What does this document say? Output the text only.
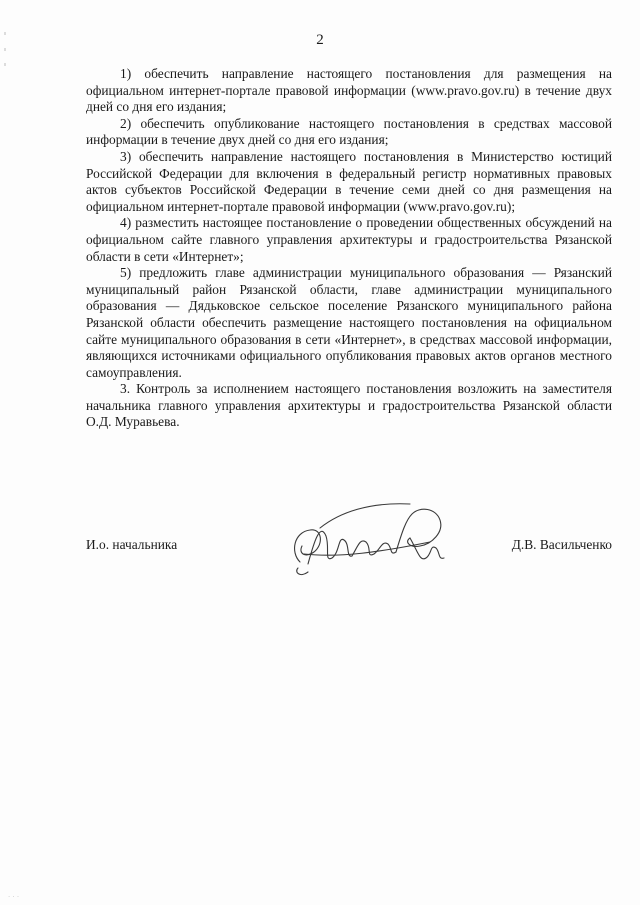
2

1) обеспечить направление настоящего постановления для размещения на официальном интернет-портале правовой информации (www.pravo.gov.ru) в течение двух дней со дня его издания;

2) обеспечить опубликование настоящего постановления в средствах массовой информации в течение двух дней со дня его издания;

3) обеспечить направление настоящего постановления в Министерство юстиций Российской Федерации для включения в федеральный регистр нормативных правовых актов субъектов Российской Федерации в течение семи дней со дня размещения на официальном интернет-портале правовой информации (www.pravo.gov.ru);

4) разместить настоящее постановление о проведении общественных обсуждений на официальном сайте главного управления архитектуры и градостроительства Рязанской области в сети «Интернет»;

5) предложить главе администрации муниципального образования — Рязанский муниципальный район Рязанской области, главе администрации муниципального образования — Дядьковское сельское поселение Рязанского муниципального района Рязанской области обеспечить размещение настоящего постановления на официальном сайте муниципального образования в сети «Интернет», в средствах массовой информации, являющихся источниками официального опубликования правовых актов органов местного самоуправления.

3. Контроль за исполнением настоящего постановления возложить на заместителя начальника главного управления архитектуры и градостроительства Рязанской области О.Д. Муравьева.

И.о. начальника	Д.В. Васильченко
· · ·
